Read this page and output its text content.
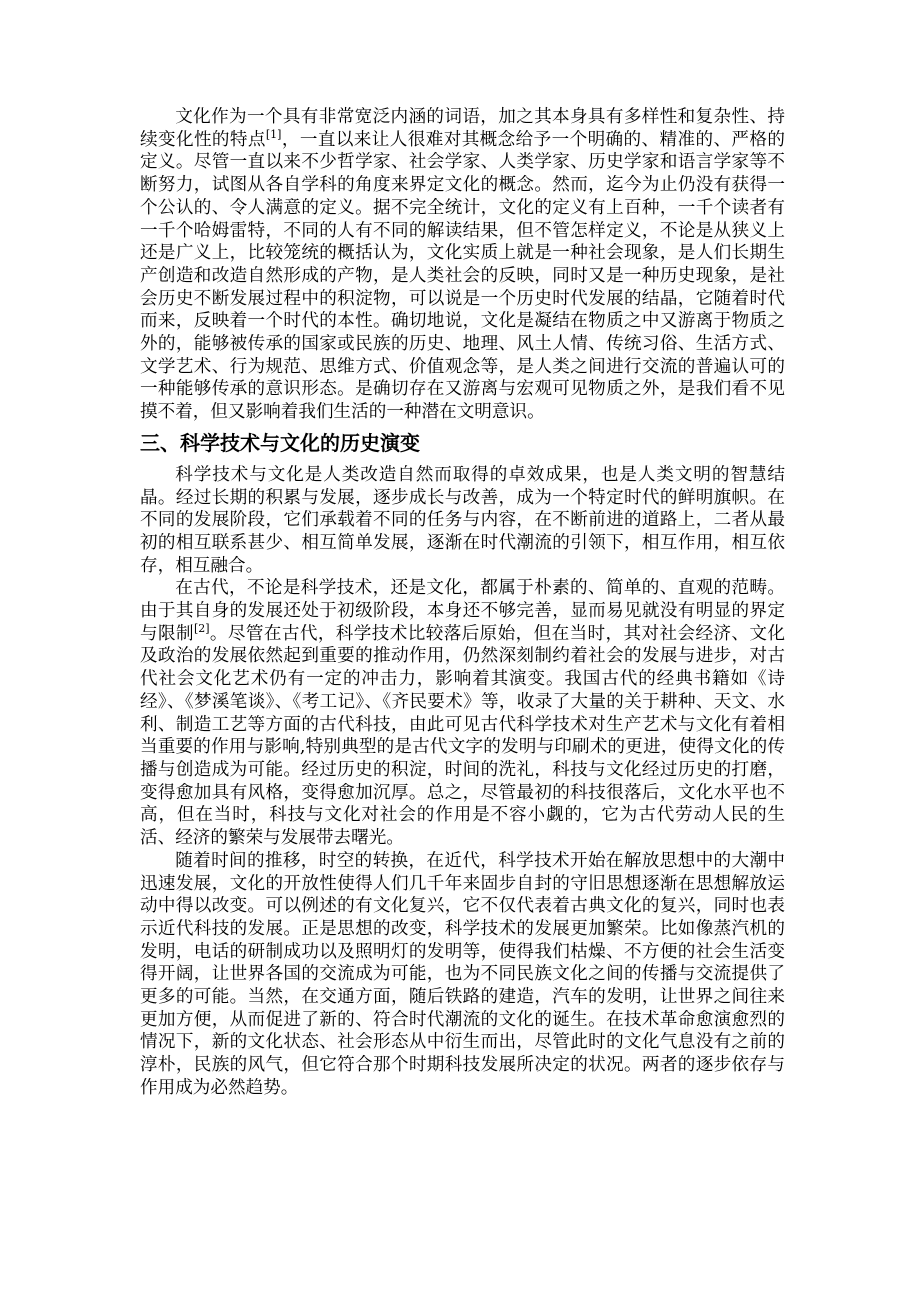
文化作为一个具有非常宽泛内涵的词语，加之其本身具有多样性和复杂性、持续变化性的特点[1]，一直以来让人很难对其概念给予一个明确的、精准的、严格的定义。尽管一直以来不少哲学家、社会学家、人类学家、历史学家和语言学家等不断努力，试图从各自学科的角度来界定文化的概念。然而，迄今为止仍没有获得一个公认的、令人满意的定义。据不完全统计，文化的定义有上百种，一千个读者有一千个哈姆雷特，不同的人有不同的解读结果，但不管怎样定义，不论是从狭义上还是广义上，比较笼统的概括认为，文化实质上就是一种社会现象，是人们长期生产创造和改造自然形成的产物，是人类社会的反映，同时又是一种历史现象，是社会历史不断发展过程中的积淀物，可以说是一个历史时代发展的结晶，它随着时代而来，反映着一个时代的本性。确切地说，文化是凝结在物质之中又游离于物质之外的，能够被传承的国家或民族的历史、地理、风土人情、传统习俗、生活方式、文学艺术、行为规范、思维方式、价值观念等，是人类之间进行交流的普遍认可的一种能够传承的意识形态。是确切存在又游离与宏观可见物质之外，是我们看不见摸不着，但又影响着我们生活的一种潜在文明意识。

三、科学技术与文化的历史演变

科学技术与文化是人类改造自然而取得的卓效成果，也是人类文明的智慧结晶。经过长期的积累与发展，逐步成长与改善，成为一个特定时代的鲜明旗帜。在不同的发展阶段，它们承载着不同的任务与内容，在不断前进的道路上，二者从最初的相互联系甚少、相互简单发展，逐渐在时代潮流的引领下，相互作用，相互依存，相互融合。

在古代，不论是科学技术，还是文化，都属于朴素的、简单的、直观的范畴。由于其自身的发展还处于初级阶段，本身还不够完善，显而易见就没有明显的界定与限制[2]。尽管在古代，科学技术比较落后原始，但在当时，其对社会经济、文化及政治的发展依然起到重要的推动作用，仍然深刻制约着社会的发展与进步，对古代社会文化艺术仍有一定的冲击力，影响着其演变。我国古代的经典书籍如《诗经》、《梦溪笔谈》、《考工记》、《齐民要术》等，收录了大量的关于耕种、天文、水利、制造工艺等方面的古代科技，由此可见古代科学技术对生产艺术与文化有着相当重要的作用与影响,特别典型的是古代文字的发明与印刷术的更进，使得文化的传播与创造成为可能。经过历史的积淀，时间的洗礼，科技与文化经过历史的打磨，变得愈加具有风格，变得愈加沉厚。总之，尽管最初的科技很落后，文化水平也不高，但在当时，科技与文化对社会的作用是不容小觑的，它为古代劳动人民的生活、经济的繁荣与发展带去曙光。

随着时间的推移，时空的转换，在近代，科学技术开始在解放思想中的大潮中迅速发展，文化的开放性使得人们几千年来固步自封的守旧思想逐渐在思想解放运动中得以改变。可以例述的有文化复兴，它不仅代表着古典文化的复兴，同时也表示近代科技的发展。正是思想的改变，科学技术的发展更加繁荣。比如像蒸汽机的发明，电话的研制成功以及照明灯的发明等，使得我们枯燥、不方便的社会生活变得开阔，让世界各国的交流成为可能，也为不同民族文化之间的传播与交流提供了更多的可能。当然，在交通方面，随后铁路的建造，汽车的发明，让世界之间往来更加方便，从而促进了新的、符合时代潮流的文化的诞生。在技术革命愈演愈烈的情况下，新的文化状态、社会形态从中衍生而出，尽管此时的文化气息没有之前的淳朴，民族的风气，但它符合那个时期科技发展所决定的状况。两者的逐步依存与作用成为必然趋势。
